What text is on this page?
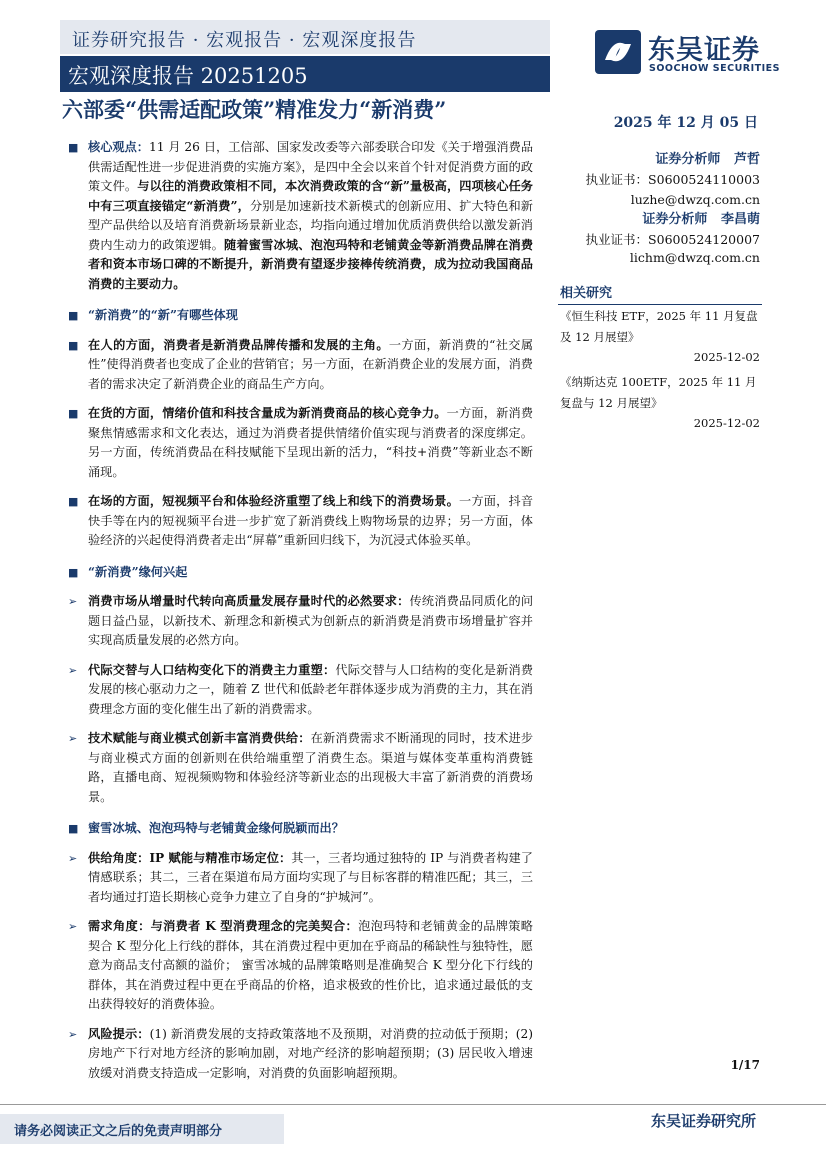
证券研究报告 · 宏观报告 · 宏观深度报告
宏观深度报告 20251205
东吴证券
SOOCHOW SECURITIES
六部委“供需适配政策”精准发力“新消费”
2025 年 12 月 05 日
证券分析师 芦哲
执业证书：S0600524110003
luzhe@dwzq.com.cn
证券分析师 李昌萌
执业证书：S0600524120007
lichm@dwzq.com.cn
相关研究
《恒生科技 ETF，2025 年 11 月复盘及 12 月展望》
2025-12-02
《纳斯达克 100ETF，2025 年 11 月复盘与 12 月展望》
2025-12-02

■ 核心观点：11 月 26 日，工信部、国家发改委等六部委联合印发《关于增强消费品供需适配性进一步促进消费的实施方案》，是四中全会以来首个针对促消费方面的政策文件。与以往的消费政策相不同，本次消费政策的含“新”量极高，四项核心任务中有三项直接锚定“新消费”，分别是加速新技术新模式的创新应用、扩大特色和新型产品供给以及培育消费新场景新业态，均指向通过增加优质消费供给以激发新消费内生动力的政策逻辑。随着蜜雪冰城、泡泡玛特和老铺黄金等新消费品牌在消费者和资本市场口碑的不断提升，新消费有望逐步接棒传统消费，成为拉动我国商品消费的主要动力。

■ “新消费”的“新”有哪些体现

■ 在人的方面，消费者是新消费品牌传播和发展的主角。一方面，新消费的“社交属性”使得消费者也变成了企业的营销官；另一方面，在新消费企业的发展方面，消费者的需求决定了新消费企业的商品生产方向。

■ 在货的方面，情绪价值和科技含量成为新消费商品的核心竞争力。一方面，新消费聚焦情感需求和文化表达，通过为消费者提供情绪价值实现与消费者的深度绑定。另一方面，传统消费品在科技赋能下呈现出新的活力，“科技+消费”等新业态不断涌现。

■ 在场的方面，短视频平台和体验经济重塑了线上和线下的消费场景。一方面，抖音快手等在内的短视频平台进一步扩宽了新消费线上购物场景的边界；另一方面，体验经济的兴起使得消费者走出“屏幕”重新回归线下，为沉浸式体验买单。

■ “新消费”缘何兴起

➢ 消费市场从增量时代转向高质量发展存量时代的必然要求：传统消费品同质化的问题日益凸显，以新技术、新理念和新模式为创新点的新消费是消费市场增量扩容并实现高质量发展的必然方向。

➢ 代际交替与人口结构变化下的消费主力重塑：代际交替与人口结构的变化是新消费发展的核心驱动力之一，随着 Z 世代和低龄老年群体逐步成为消费的主力，其在消费理念方面的变化催生出了新的消费需求。

➢ 技术赋能与商业模式创新丰富消费供给：在新消费需求不断涌现的同时，技术进步与商业模式方面的创新则在供给端重塑了消费生态。渠道与媒体变革重构消费链路，直播电商、短视频购物和体验经济等新业态的出现极大丰富了新消费的消费场景。

■ 蜜雪冰城、泡泡玛特与老铺黄金缘何脱颖而出？

➢ 供给角度：IP 赋能与精准市场定位：其一，三者均通过独特的 IP 与消费者构建了情感联系；其二，三者在渠道布局方面均实现了与目标客群的精准匹配；其三，三者均通过打造长期核心竞争力建立了自身的“护城河”。

➢ 需求角度：与消费者 K 型消费理念的完美契合：泡泡玛特和老铺黄金的品牌策略契合 K 型分化上行线的群体，其在消费过程中更加在乎商品的稀缺性与独特性，愿意为商品支付高额的溢价； 蜜雪冰城的品牌策略则是准确契合 K 型分化下行线的群体，其在消费过程中更在乎商品的价格，追求极致的性价比，追求通过最低的支出获得较好的消费体验。

➢ 风险提示：(1) 新消费发展的支持政策落地不及预期，对消费的拉动低于预期；(2) 房地产下行对地方经济的影响加剧，对地产经济的影响超预期；(3) 居民收入增速放缓对消费支持造成一定影响，对消费的负面影响超预期。

1/17
请务必阅读正文之后的免责声明部分
东吴证券研究所
